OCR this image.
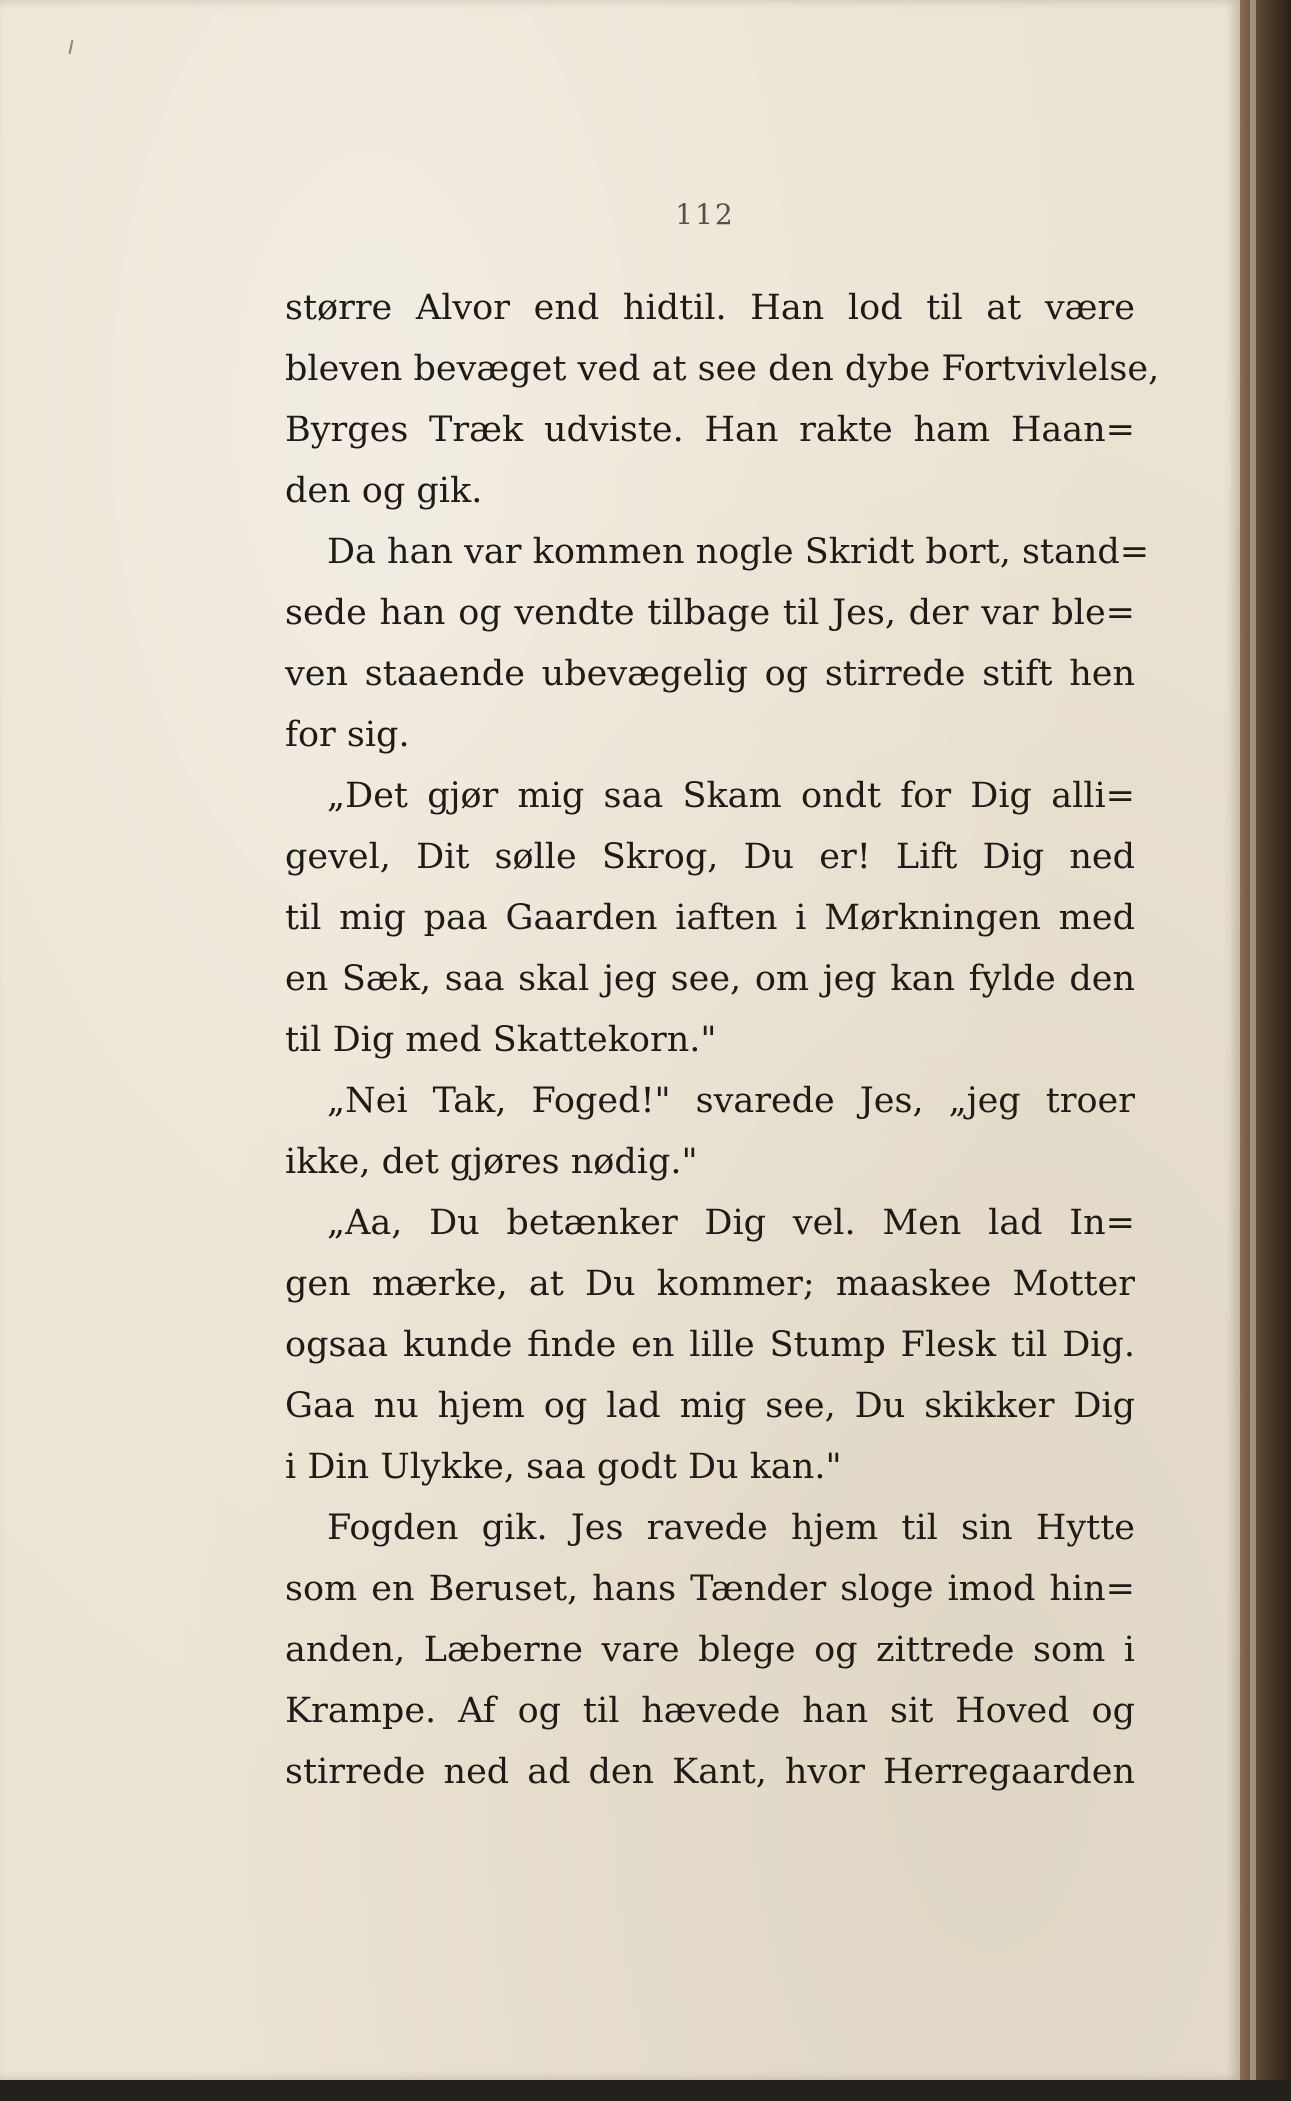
112
større Alvor end hidtil. Han lod til at være
bleven bevæget ved at see den dybe Fortvivlelse,
Byrges Træk udviste. Han rakte ham Haan=
den og gik.
Da han var kommen nogle Skridt bort, stand=
sede han og vendte tilbage til Jes, der var ble=
ven staaende ubevægelig og stirrede stift hen
for sig.
„Det gjør mig saa Skam ondt for Dig alli=
gevel, Dit sølle Skrog, Du er! Lift Dig ned
til mig paa Gaarden iaften i Mørkningen med
en Sæk, saa skal jeg see, om jeg kan fylde den
til Dig med Skattekorn."
„Nei Tak, Foged!" svarede Jes, „jeg troer
ikke, det gjøres nødig."
„Aa, Du betænker Dig vel. Men lad In=
gen mærke, at Du kommer; maaskee Motter
ogsaa kunde finde en lille Stump Flesk til Dig.
Gaa nu hjem og lad mig see, Du skikker Dig
i Din Ulykke, saa godt Du kan."
Fogden gik. Jes ravede hjem til sin Hytte
som en Beruset, hans Tænder sloge imod hin=
anden, Læberne vare blege og zittrede som i
Krampe. Af og til hævede han sit Hoved og
stirrede ned ad den Kant, hvor Herregaarden
